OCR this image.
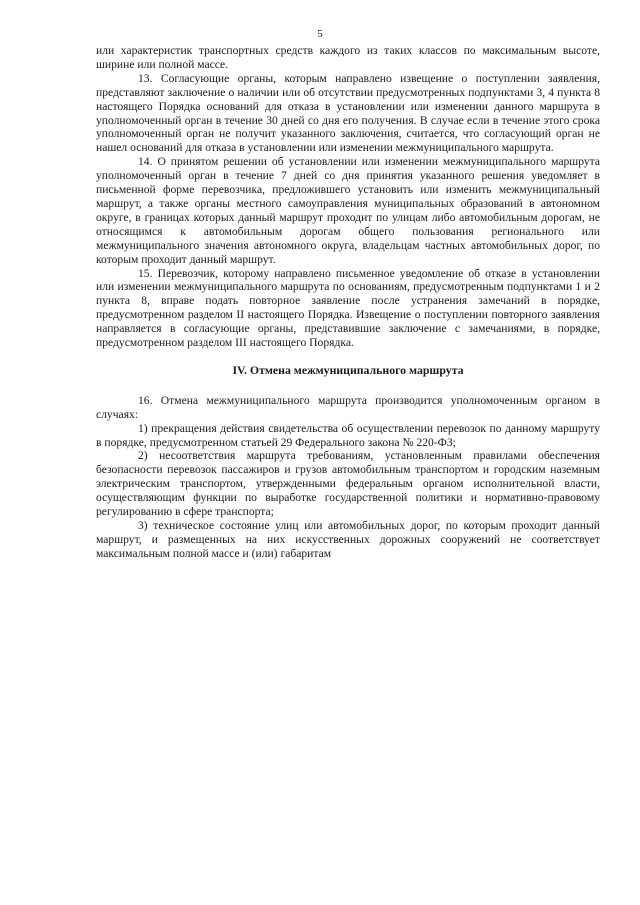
5

или характеристик транспортных средств каждого из таких классов по максимальным высоте, ширине или полной массе.

13. Согласующие органы, которым направлено извещение о поступлении заявления, представляют заключение о наличии или об отсутствии предусмотренных подпунктами 3, 4 пункта 8 настоящего Порядка оснований для отказа в установлении или изменении данного маршрута в уполномоченный орган в течение 30 дней со дня его получения. В случае если в течение этого срока уполномоченный орган не получит указанного заключения, считается, что согласующий орган не нашел оснований для отказа в установлении или изменении межмуниципального маршрута.

14. О принятом решении об установлении или изменении межмуниципального маршрута уполномоченный орган в течение 7 дней со дня принятия указанного решения уведомляет в письменной форме перевозчика, предложившего установить или изменить межмуниципальный маршрут, а также органы местного самоуправления муниципальных образований в автономном округе, в границах которых данный маршрут проходит по улицам либо автомобильным дорогам, не относящимся к автомобильным дорогам общего пользования регионального или межмуниципального значения автономного округа, владельцам частных автомобильных дорог, по которым проходит данный маршрут.

15. Перевозчик, которому направлено письменное уведомление об отказе в установлении или изменении межмуниципального маршрута по основаниям, предусмотренным подпунктами 1 и 2 пункта 8, вправе подать повторное заявление после устранения замечаний в порядке, предусмотренном разделом II настоящего Порядка. Извещение о поступлении повторного заявления направляется в согласующие органы, представившие заключение с замечаниями, в порядке, предусмотренном разделом III настоящего Порядка.

IV. Отмена межмуниципального маршрута

16. Отмена межмуниципального маршрута производится уполномоченным органом в случаях:

1) прекращения действия свидетельства об осуществлении перевозок по данному маршруту в порядке, предусмотренном статьей 29 Федерального закона № 220-ФЗ;

2) несоответствия маршрута требованиям, установленным правилами обеспечения безопасности перевозок пассажиров и грузов автомобильным транспортом и городским наземным электрическим транспортом, утвержденными федеральным органом исполнительной власти, осуществляющим функции по выработке государственной политики и нормативно-правовому регулированию в сфере транспорта;

3) техническое состояние улиц или автомобильных дорог, по которым проходит данный маршрут, и размещенных на них искусственных дорожных сооружений не соответствует максимальным полной массе и (или) габаритам
